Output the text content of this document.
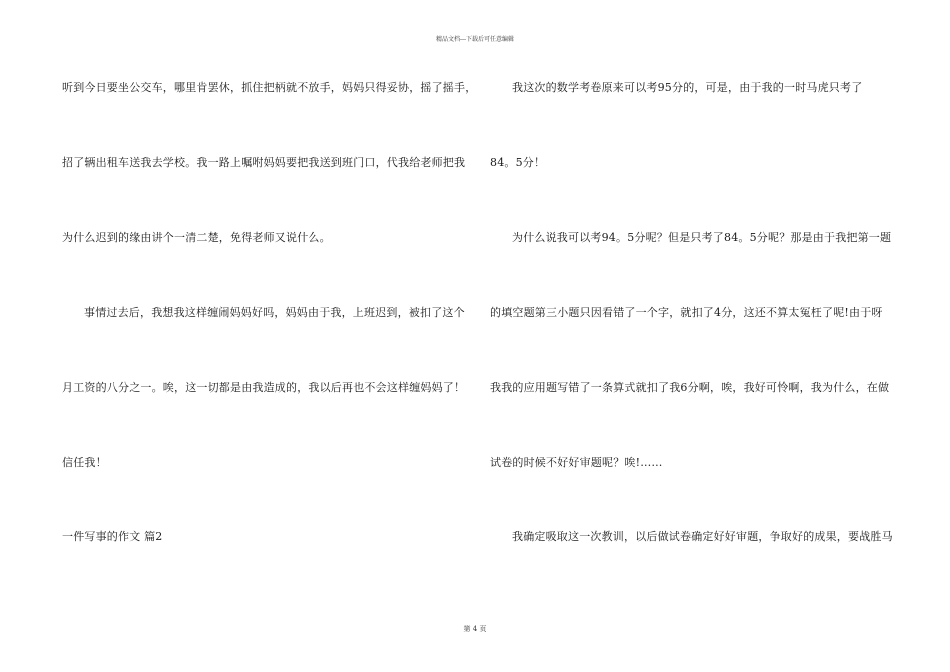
精品文档---下载后可任意编辑
听到今日要坐公交车，哪里肯罢休，抓住把柄就不放手，妈妈只得妥协，摇了摇手，
招了辆出租车送我去学校。我一路上嘱咐妈妈要把我送到班门口，代我给老师把我
为什么迟到的缘由讲个一清二楚，免得老师又说什么。
事情过去后，我想我这样缠闹妈妈好吗，妈妈由于我，上班迟到，被扣了这个
月工资的八分之一。唉，这一切都是由我造成的，我以后再也不会这样缠妈妈了！
信任我！
一件写事的作文 篇2
我这次的数学考卷原来可以考95分的，可是，由于我的一时马虎只考了
84。5分！
为什么说我可以考94。5分呢？但是只考了84。5分呢？那是由于我把第一题
的填空题第三小题只因看错了一个字，就扣了4分，这还不算太冤枉了呢!由于呀
我我的应用题写错了一条算式就扣了我6分啊，唉，我好可怜啊，我为什么，在做
试卷的时候不好好审题呢？唉!……
我确定吸取这一次教训，以后做试卷确定好好审题，争取好的成果，要战胜马
第 4 页
